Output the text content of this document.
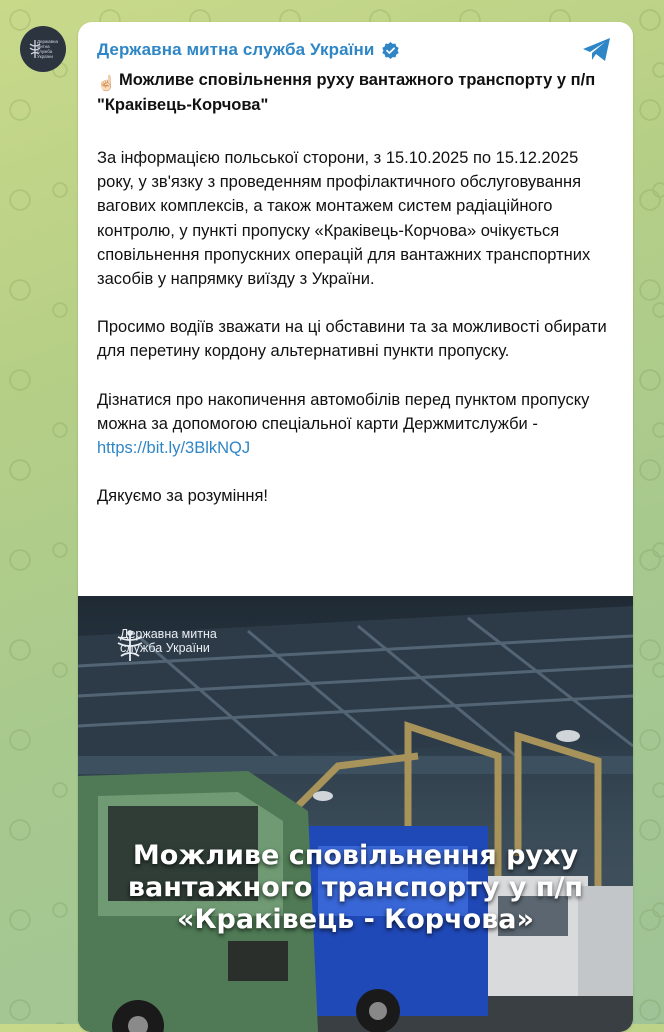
Державна митна служба України	Державна митна служба України
☝🏻 Можливе сповільнення руху вантажного транспорту у п/п "Краківець-Корчова"

За інформацією польської сторони, з 15.10.2025 по 15.12.2025 року, у зв'язку з проведенням профілактичного обслуговування вагових комплексів, а також монтажем систем радіаційного контролю, у пункті пропуску «Краківець-Корчова» очікується сповільнення пропускних операцій для вантажних транспортних засобів у напрямку виїзду з України.

Просимо водіїв зважати на ці обставини та за можливості обирати для перетину кордону альтернативні пункти пропуску.

Дізнатися про накопичення автомобілів перед пунктом пропуску можна за допомогою спеціальної карти Держмитслужби - https://bit.ly/3BlkNQJ

Дякуємо за розуміння!

Державна митна служба України
Можливе сповільнення руху вантажного транспорту у п/п «Краківець - Корчова»
